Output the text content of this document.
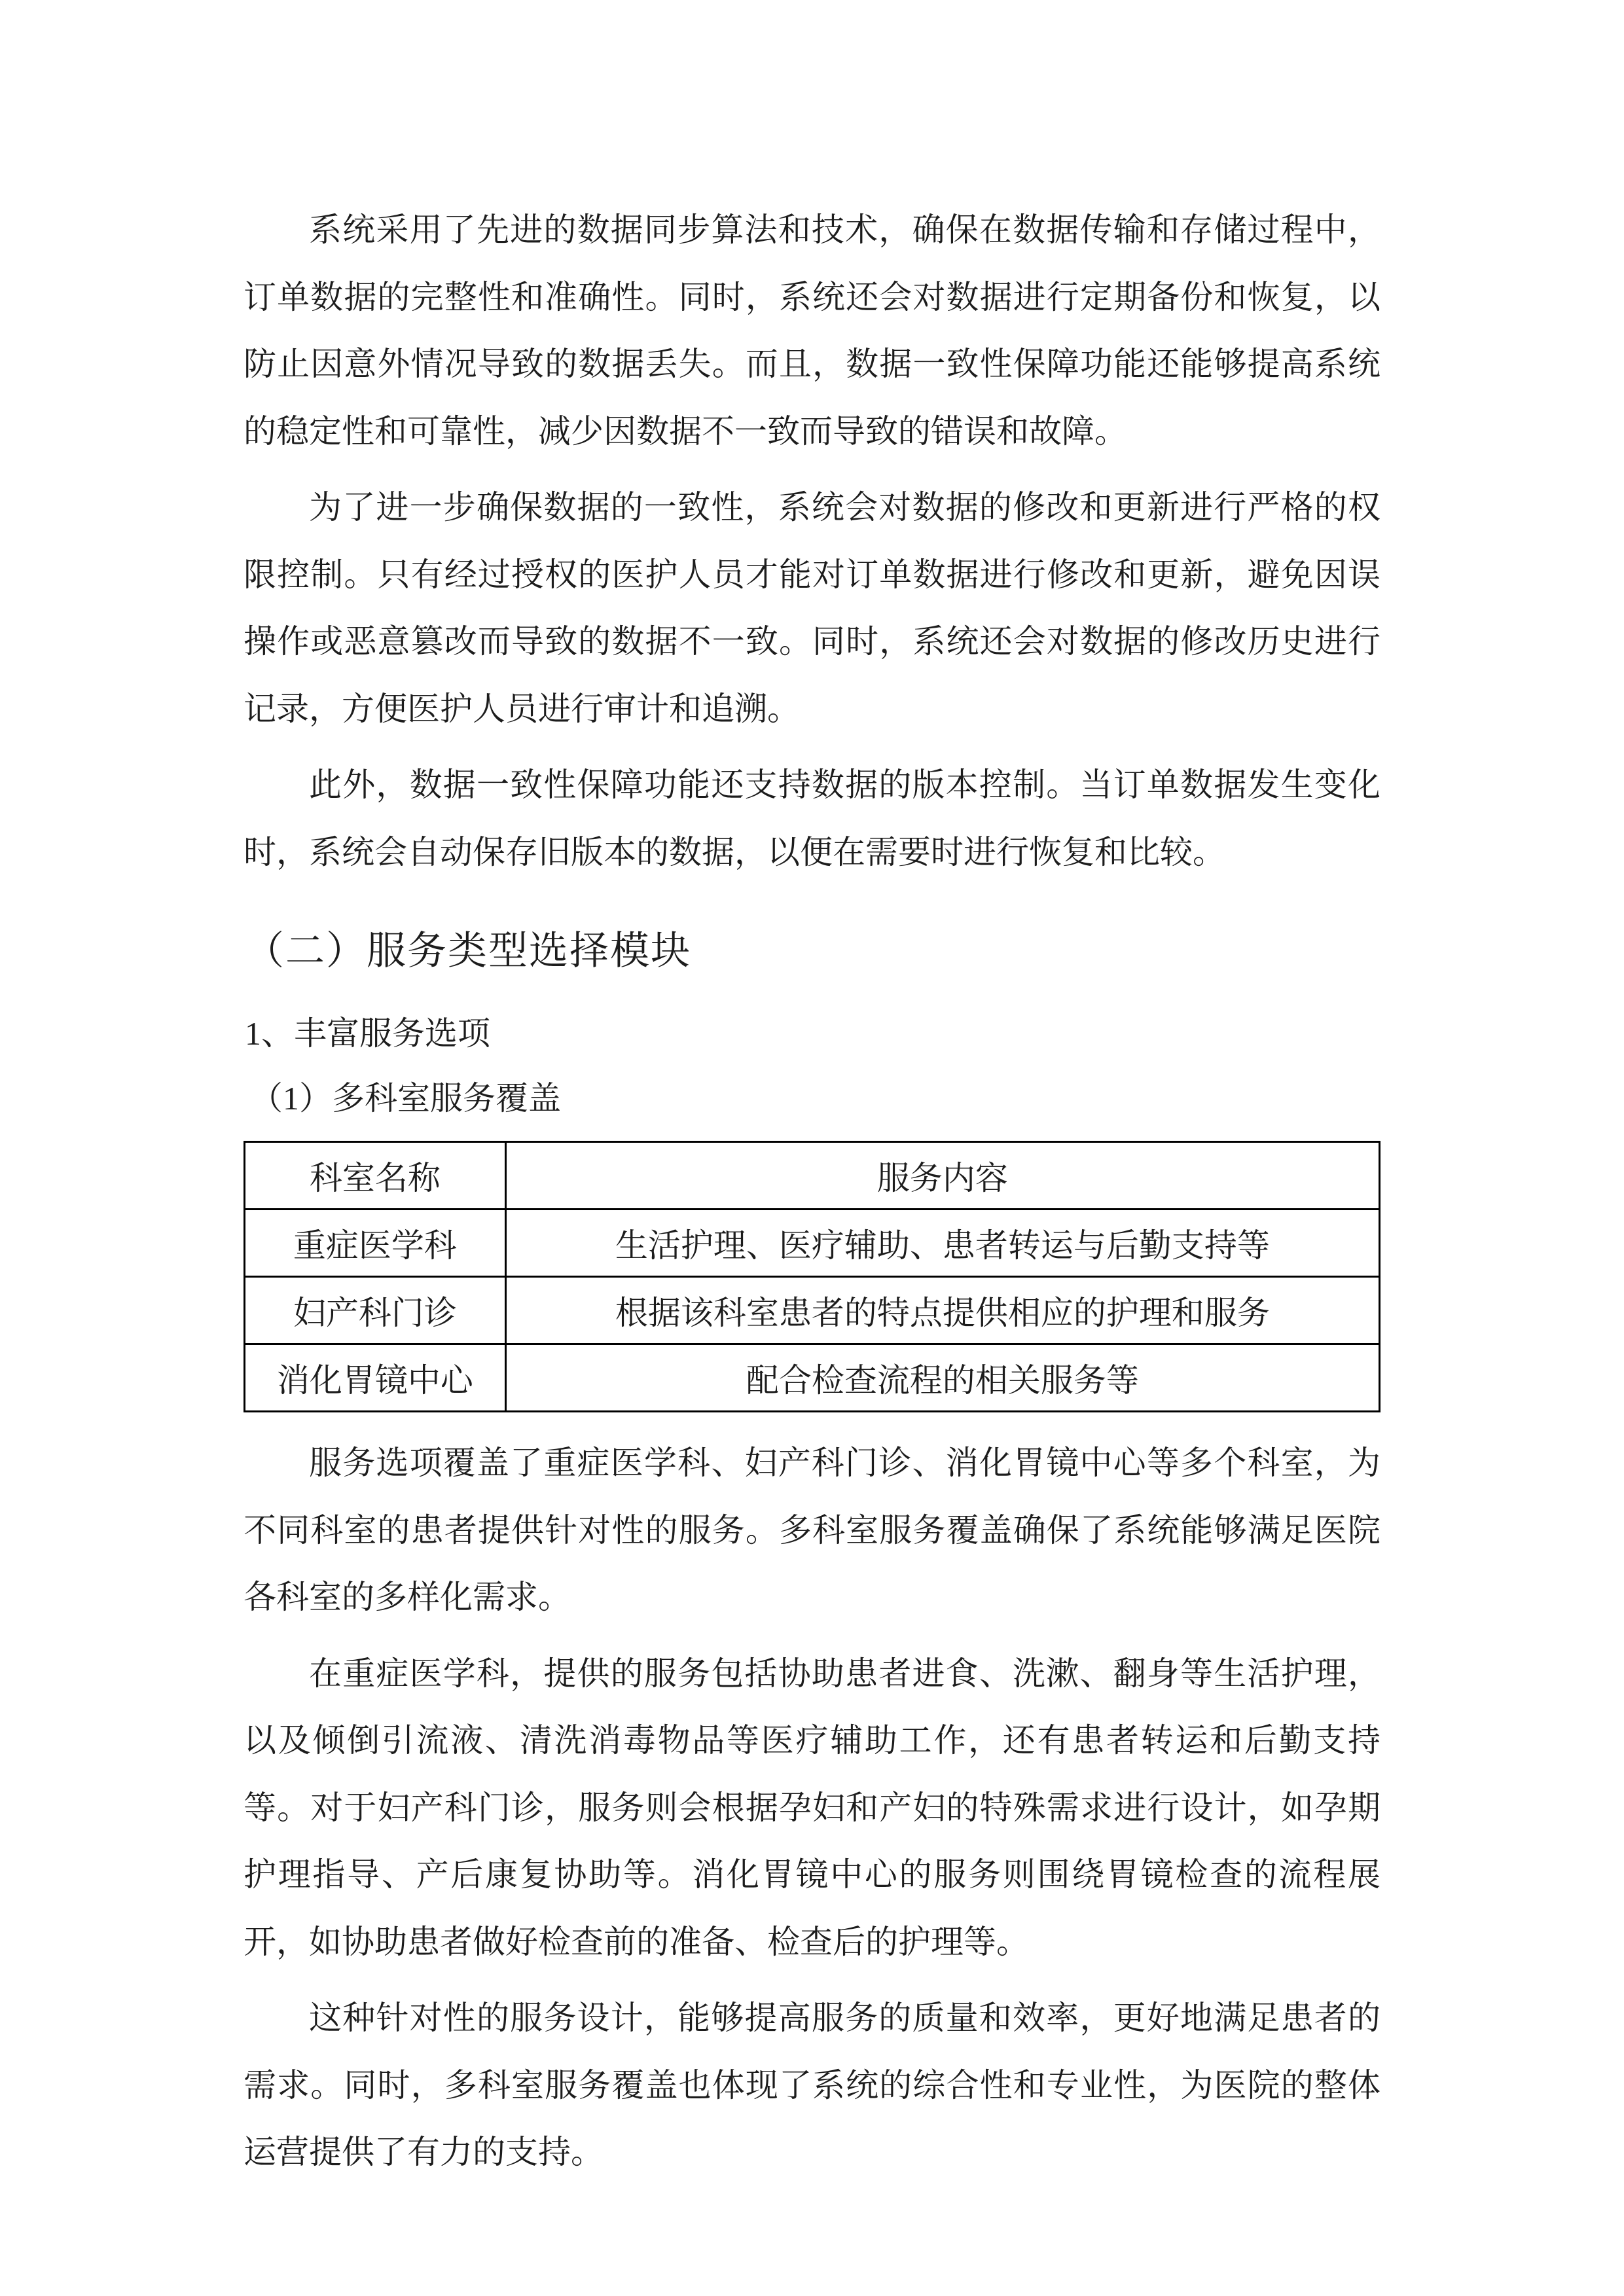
系统采用了先进的数据同步算法和技术，确保在数据传输和存储过程中，订单数据的完整性和准确性。同时，系统还会对数据进行定期备份和恢复，以防止因意外情况导致的数据丢失。而且，数据一致性保障功能还能够提高系统的稳定性和可靠性，减少因数据不一致而导致的错误和故障。

为了进一步确保数据的一致性，系统会对数据的修改和更新进行严格的权限控制。只有经过授权的医护人员才能对订单数据进行修改和更新，避免因误操作或恶意篡改而导致的数据不一致。同时，系统还会对数据的修改历史进行记录，方便医护人员进行审计和追溯。

此外，数据一致性保障功能还支持数据的版本控制。当订单数据发生变化时，系统会自动保存旧版本的数据，以便在需要时进行恢复和比较。

（二）服务类型选择模块
1、丰富服务选项
（1）多科室服务覆盖
科室名称	服务内容
重症医学科	生活护理、医疗辅助、患者转运与后勤支持等
妇产科门诊	根据该科室患者的特点提供相应的护理和服务
消化胃镜中心	配合检查流程的相关服务等

服务选项覆盖了重症医学科、妇产科门诊、消化胃镜中心等多个科室，为不同科室的患者提供针对性的服务。多科室服务覆盖确保了系统能够满足医院各科室的多样化需求。

在重症医学科，提供的服务包括协助患者进食、洗漱、翻身等生活护理，以及倾倒引流液、清洗消毒物品等医疗辅助工作，还有患者转运和后勤支持等。对于妇产科门诊，服务则会根据孕妇和产妇的特殊需求进行设计，如孕期护理指导、产后康复协助等。消化胃镜中心的服务则围绕胃镜检查的流程展开，如协助患者做好检查前的准备、检查后的护理等。

这种针对性的服务设计，能够提高服务的质量和效率，更好地满足患者的需求。同时，多科室服务覆盖也体现了系统的综合性和专业性，为医院的整体运营提供了有力的支持。
